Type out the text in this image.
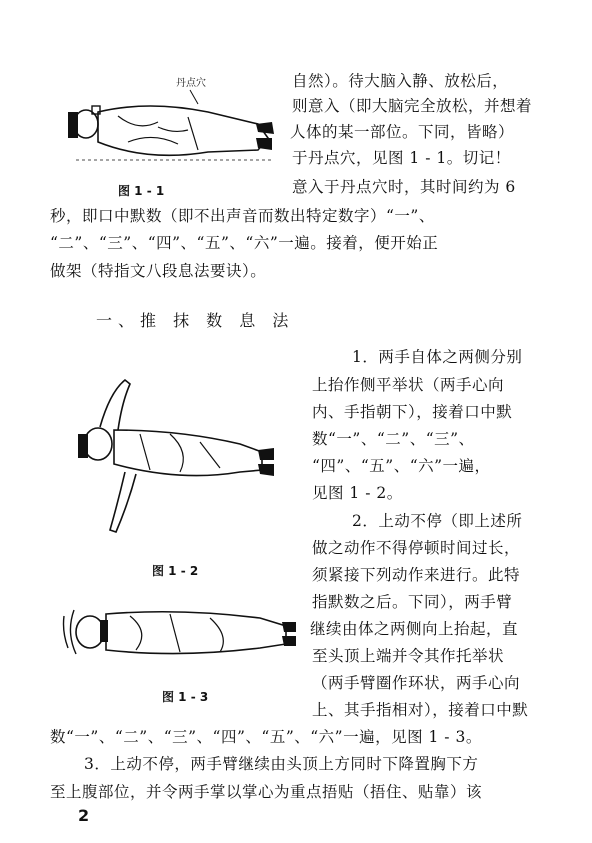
丹点穴
图 1 - 1
自然）。待大脑入静、放松后，
则意入（即大脑完全放松，并想着
人体的某一部位。下同，皆略）
于丹点穴，见图 1 - 1。切记！
意入于丹点穴时，其时间约为 6
秒，即口中默数（即不出声音而数出特定数字）“一”、
“二”、“三”、“四”、“五”、“六”一遍。接着，便开始正
做架（特指文八段息法要诀）。
一、推 抹 数 息 法
图 1 - 2
图 1 - 3
1．两手自体之两侧分别
上抬作侧平举状（两手心向
内、手指朝下），接着口中默
数“一”、“二”、“三”、
“四”、“五”、“六”一遍，
见图 1 - 2。
2．上动不停（即上述所
做之动作不得停顿时间过长，
须紧接下列动作来进行。此特
指默数之后。下同），两手臂
继续由体之两侧向上抬起，直
至头顶上端并令其作托举状
（两手臂圈作环状，两手心向
上、其手指相对），接着口中默
数“一”、“二”、“三”、“四”、“五”、“六”一遍，见图 1 - 3。
3．上动不停，两手臂继续由头顶上方同时下降置胸下方
至上腹部位，并令两手掌以掌心为重点捂贴（捂住、贴靠）该
2
